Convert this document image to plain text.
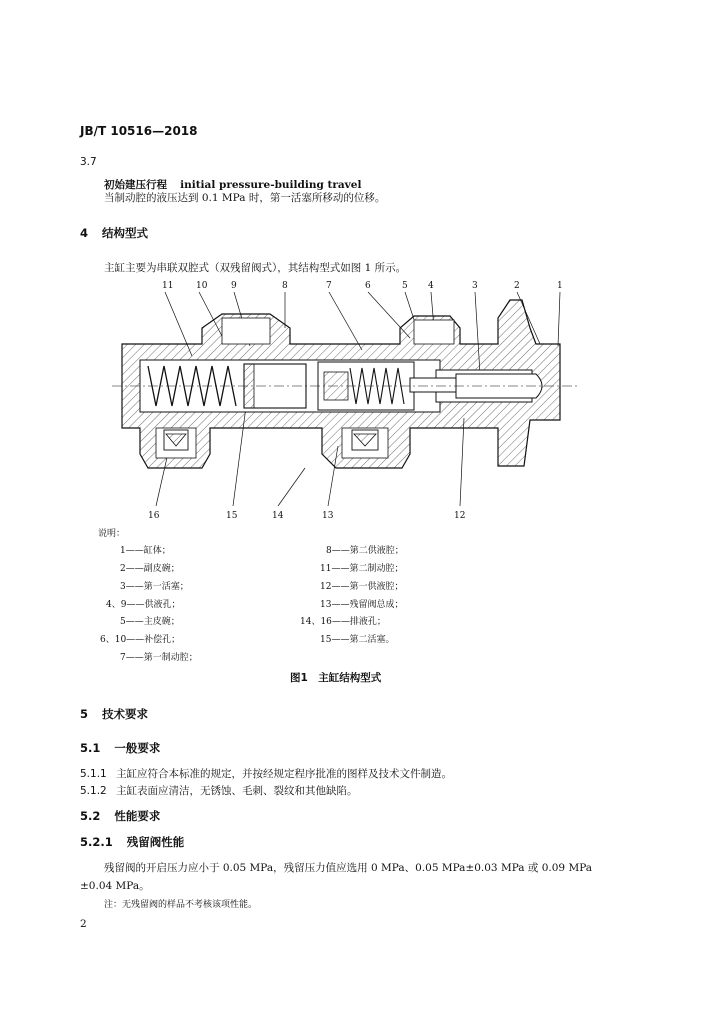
JB/T 10516—2018
3.7
初始建压行程 initial pressure-building travel
当制动腔的液压达到 0.1 MPa 时，第一活塞所移动的位移。
4 结构型式
主缸主要为串联双腔式（双残留阀式），其结构型式如图 1 所示。
11	10	9	8	7	6	5 4	3	2	1
16	15	14	13	12
说明：
1——缸体；
2——副皮碗；
3——第一活塞；
4、9——供液孔；
5——主皮碗；
6、10——补偿孔；
7——第一制动腔；
8——第二供液腔；
11——第二制动腔；
12——第一供液腔；
13——残留阀总成；
14、16——排液孔；
15——第二活塞。
图1　主缸结构型式
5 技术要求
5.1 一般要求
5.1.1 主缸应符合本标准的规定，并按经规定程序批准的图样及技术文件制造。
5.1.2 主缸表面应清洁，无锈蚀、毛刺、裂纹和其他缺陷。
5.2 性能要求
5.2.1 残留阀性能
残留阀的开启压力应小于 0.05 MPa，残留压力值应选用 0 MPa、0.05 MPa±0.03 MPa 或 0.09 MPa
±0.04 MPa。
注：无残留阀的样品不考核该项性能。
2
